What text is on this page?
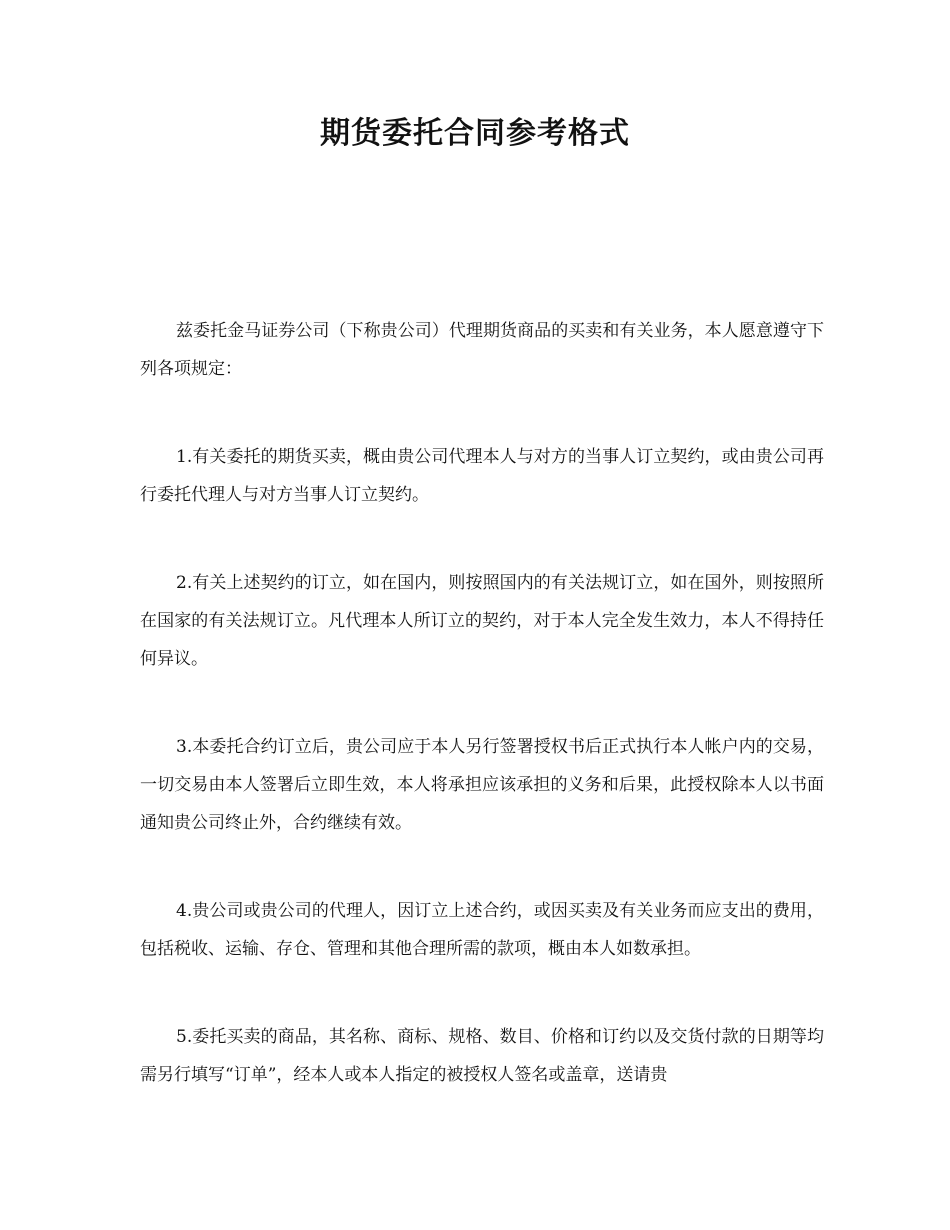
期货委托合同参考格式

兹委托金马证券公司（下称贵公司）代理期货商品的买卖和有关业务，本人愿意遵守下列各项规定：

1.有关委托的期货买卖，概由贵公司代理本人与对方的当事人订立契约，或由贵公司再行委托代理人与对方当事人订立契约。

2.有关上述契约的订立，如在国内，则按照国内的有关法规订立，如在国外，则按照所在国家的有关法规订立。凡代理本人所订立的契约，对于本人完全发生效力，本人不得持任何异议。

3.本委托合约订立后，贵公司应于本人另行签署授权书后正式执行本人帐户内的交易，一切交易由本人签署后立即生效，本人将承担应该承担的义务和后果，此授权除本人以书面通知贵公司终止外，合约继续有效。

4.贵公司或贵公司的代理人，因订立上述合约，或因买卖及有关业务而应支出的费用，包括税收、运输、存仓、管理和其他合理所需的款项，概由本人如数承担。

5.委托买卖的商品，其名称、商标、规格、数目、价格和订约以及交货付款的日期等均需另行填写“订单”，经本人或本人指定的被授权人签名或盖章，送请贵
